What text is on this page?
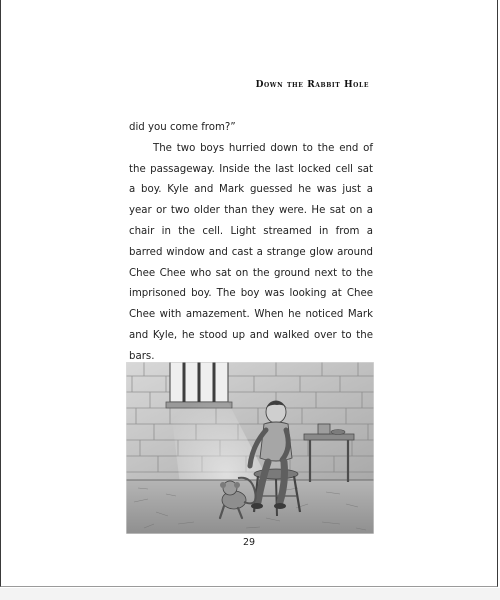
Down the Rabbit Hole

did you come from?”

The two boys hurried down to the end of the passageway. Inside the last locked cell sat a boy. Kyle and Mark guessed he was just a year or two older than they were. He sat on a chair in the cell. Light streamed in from a barred window and cast a strange glow around Chee Chee who sat on the ground next to the imprisoned boy. The boy was looking at Chee Chee with amazement. When he noticed Mark and Kyle, he stood up and walked over to the bars.

29
